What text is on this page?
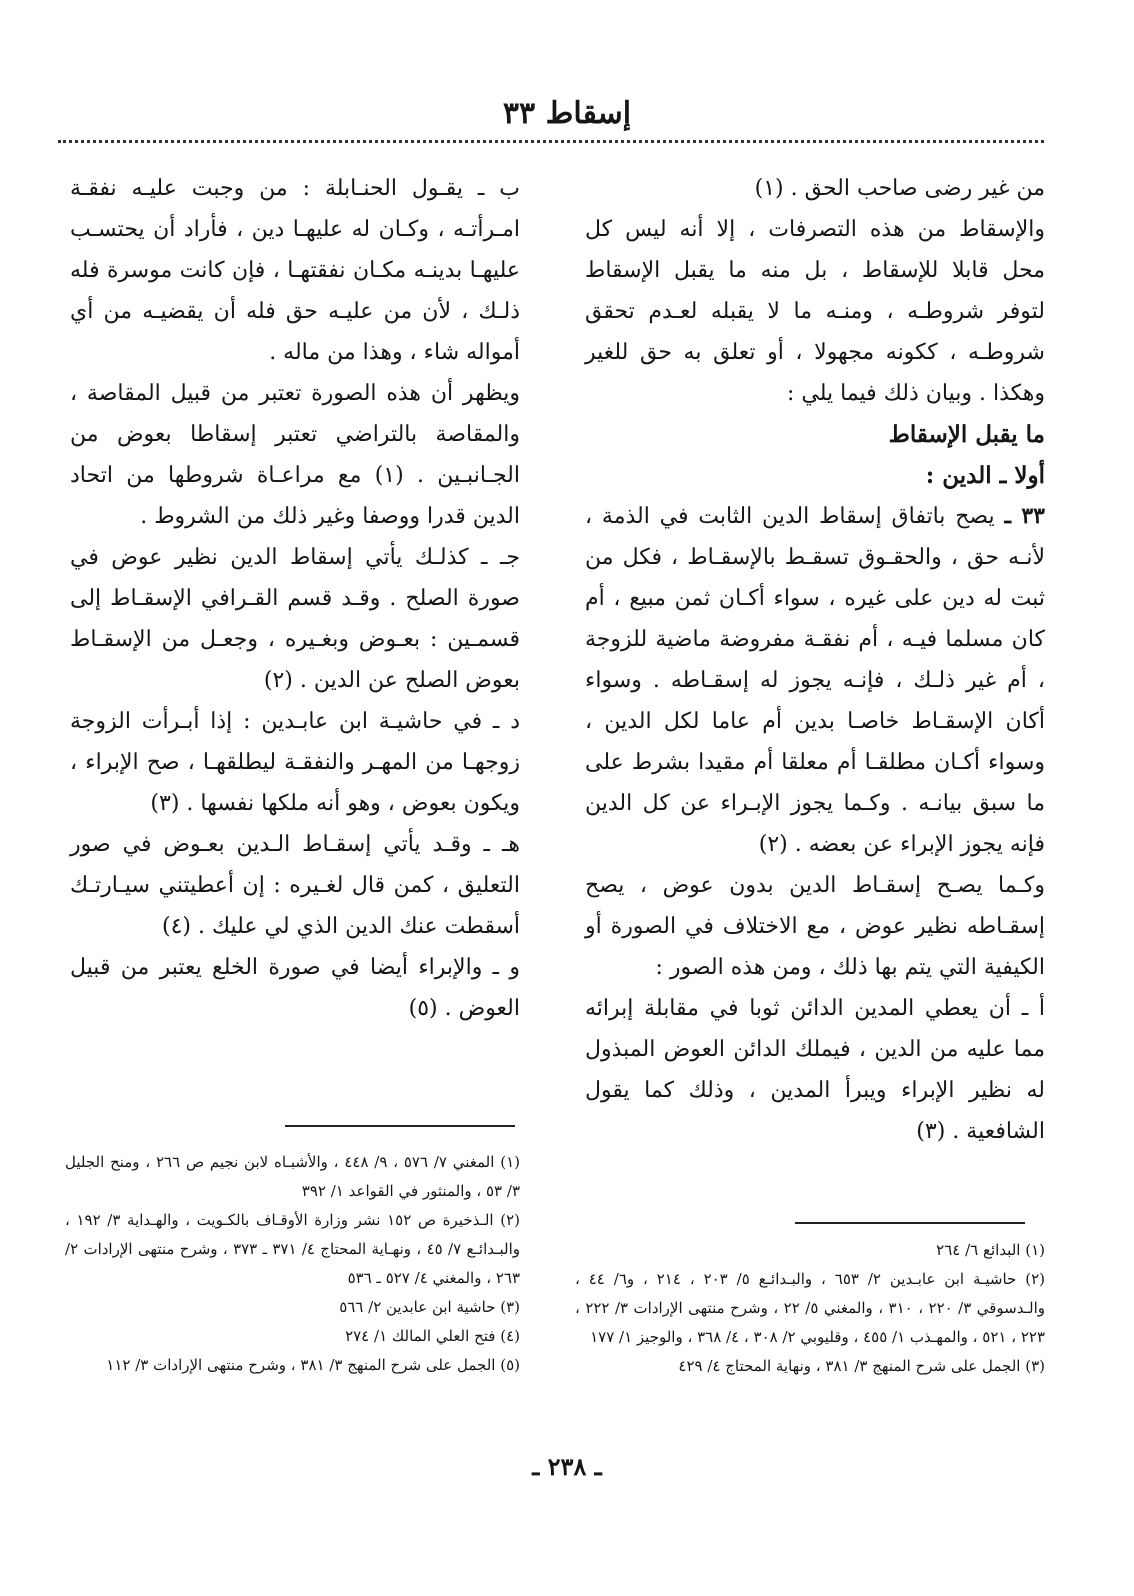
إسقاط ٣٣

من غير رضى صاحب الحق . (١)

والإسقاط من هذه التصرفات ، إلا أنه ليس كل محل قابلا للإسقاط ، بل منه ما يقبل الإسقاط لتوفر شروطـه ، ومنـه ما لا يقبله لعـدم تحقق شروطـه ، ككونه مجهولا ، أو تعلق به حق للغير وهكذا . وبيان ذلك فيما يلي :

ما يقبل الإسقاط

أولا ـ الدين :

٣٣ ـ يصح باتفاق إسقاط الدين الثابت في الذمة ، لأنـه حق ، والحقـوق تسقـط بالإسقـاط ، فكل من ثبت له دين على غيره ، سواء أكـان ثمن مبيع ، أم كان مسلما فيـه ، أم نفقـة مفروضة ماضية للزوجة ، أم غير ذلـك ، فإنـه يجوز له إسقـاطه . وسواء أكان الإسقـاط خاصـا بدين أم عاما لكل الدين ، وسواء أكـان مطلقـا أم معلقا أم مقيدا بشرط على ما سبق بيانـه . وكـما يجوز الإبـراء عن كل الدين فإنه يجوز الإبراء عن بعضه . (٢)

وكـما يصـح إسقـاط الدين بدون عوض ، يصح إسقـاطه نظير عوض ، مع الاختلاف في الصورة أو الكيفية التي يتم بها ذلك ، ومن هذه الصور :

أ ـ أن يعطي المدين الدائن ثوبا في مقابلة إبرائه مما عليه من الدين ، فيملك الدائن العوض المبذول له نظير الإبراء ويبرأ المدين ، وذلك كما يقول الشافعية . (٣)

ب ـ يقـول الحنـابلة : من وجبت عليـه نفقـة امـرأتـه ، وكـان له عليهـا دين ، فأراد أن يحتسـب عليهـا بدينـه مكـان نفقتهـا ، فإن كانت موسرة فله ذلـك ، لأن من عليـه حق فله أن يقضيـه من أي أمواله شاء ، وهذا من ماله .

ويظهر أن هذه الصورة تعتبر من قبيل المقاصة ، والمقاصة بالتراضي تعتبر إسقاطا بعوض من الجـانبـين . (١) مع مراعـاة شروطها من اتحاد الدين قدرا ووصفا وغير ذلك من الشروط .

جـ ـ كذلـك يأتي إسقاط الدين نظير عوض في صورة الصلح . وقـد قسم القـرافي الإسقـاط إلى قسمـين : بعـوض وبغـيره ، وجعـل من الإسقـاط بعوض الصلح عن الدين . (٢)

د ـ في حاشيـة ابن عابـدين : إذا أبـرأت الزوجة زوجهـا من المهـر والنفقـة ليطلقهـا ، صح الإبراء ، ويكون بعوض ، وهو أنه ملكها نفسها . (٣)

هـ ـ وقـد يأتي إسقـاط الـدين بعـوض في صور التعليق ، كمن قال لغـيره : إن أعطيتني سيـارتـك أسقطت عنك الدين الذي لي عليك . (٤)

و ـ والإبراء أيضا في صورة الخلع يعتبر من قبيل العوض . (٥)

(١) البدائع ٦/ ٢٦٤

(٢) حاشيـة ابن عابـدين ٢/ ٦٥٣ ، والبـدائـع ٥/ ٢٠٣ ، ٢١٤ ، و٦/ ٤٤ ، والـدسوقي ٣/ ٢٢٠ ، ٣١٠ ، والمغني ٥/ ٢٢ ، وشرح منتهى الإرادات ٣/ ٢٢٢ ، ٢٢٣ ، ٥٢١ ، والمهـذب ١/ ٤٥٥ ، وقليوبي ٢/ ٣٠٨ ، ٤/ ٣٦٨ ، والوجيز ١/ ١٧٧

(٣) الجمل على شرح المنهج ٣/ ٣٨١ ، ونهاية المحتاج ٤/ ٤٢٩

(١) المغني ٧/ ٥٧٦ ، ٩/ ٤٤٨ ، والأشبـاه لابن نجيم ص ٢٦٦ ، ومنح الجليل ٣/ ٥٣ ، والمنثور في القواعد ١/ ٣٩٢

(٢) الـذخيرة ص ١٥٢ نشر وزارة الأوقـاف بالكـويت ، والهـداية ٣/ ١٩٢ ، والبـدائـع ٧/ ٤٥ ، ونهـاية المحتاج ٤/ ٣٧١ ـ ٣٧٣ ، وشرح منتهى الإرادات ٢/ ٢٦٣ ، والمغني ٤/ ٥٢٧ ـ ٥٣٦

(٣) حاشية ابن عابدين ٢/ ٥٦٦

(٤) فتح العلي المالك ١/ ٢٧٤

(٥) الجمل على شرح المنهج ٣/ ٣٨١ ، وشرح منتهى الإرادات ٣/ ١١٢

ـ ٢٣٨ ـ
